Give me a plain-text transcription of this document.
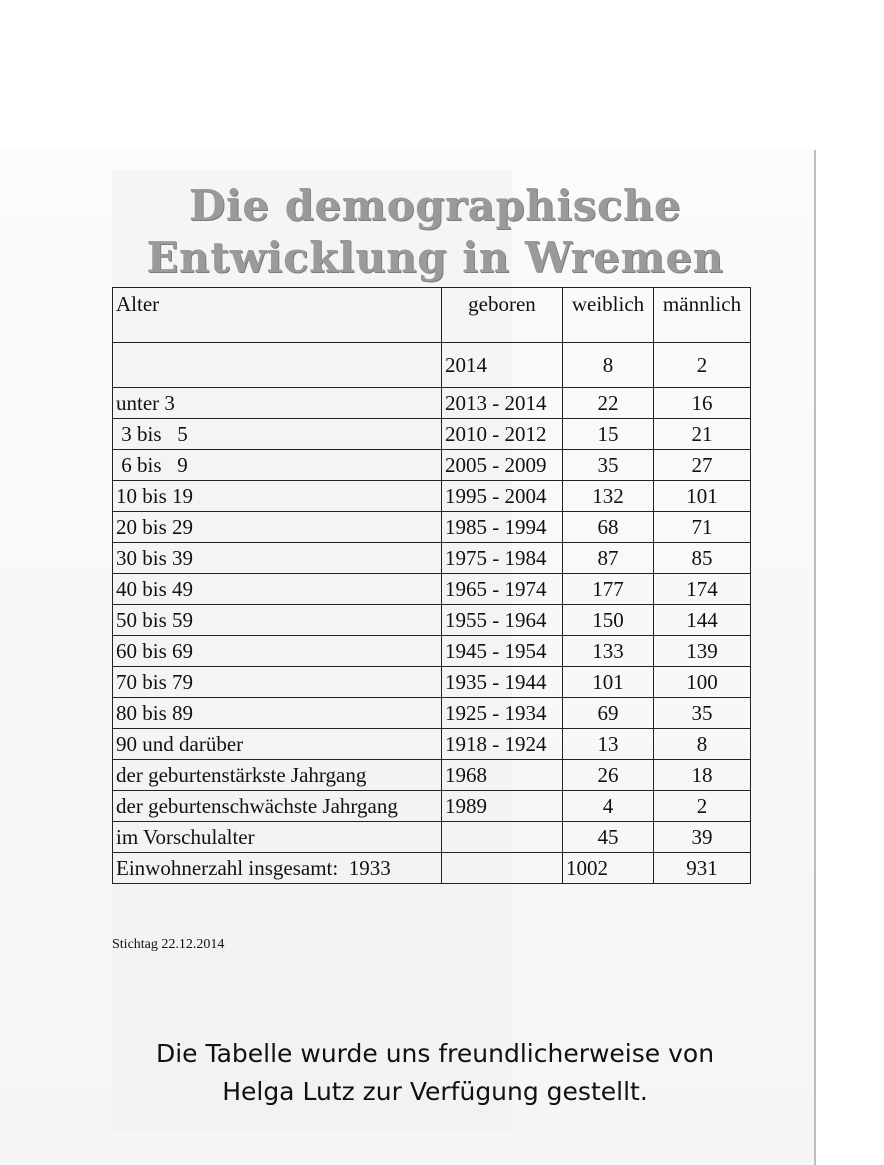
Die demographische
Entwicklung in Wremen
Alter	geboren	weiblich	männlich
	2014	8	2
unter 3	2013 - 2014	22	16
3 bis   5	2010 - 2012	15	21
6 bis   9	2005 - 2009	35	27
10 bis 19	1995 - 2004	132	101
20 bis 29	1985 - 1994	68	71
30 bis 39	1975 - 1984	87	85
40 bis 49	1965 - 1974	177	174
50 bis 59	1955 - 1964	150	144
60 bis 69	1945 - 1954	133	139
70 bis 79	1935 - 1944	101	100
80 bis 89	1925 - 1934	69	35
90 und darüber	1918 - 1924	13	8
der geburtenstärkste Jahrgang	1968	26	18
der geburtenschwächste Jahrgang	1989	4	2
im Vorschulalter		45	39
Einwohnerzahl insgesamt:  1933		1002	931
Stichtag 22.12.2014
Die Tabelle wurde uns freundlicherweise von
Helga Lutz zur Verfügung gestellt.
